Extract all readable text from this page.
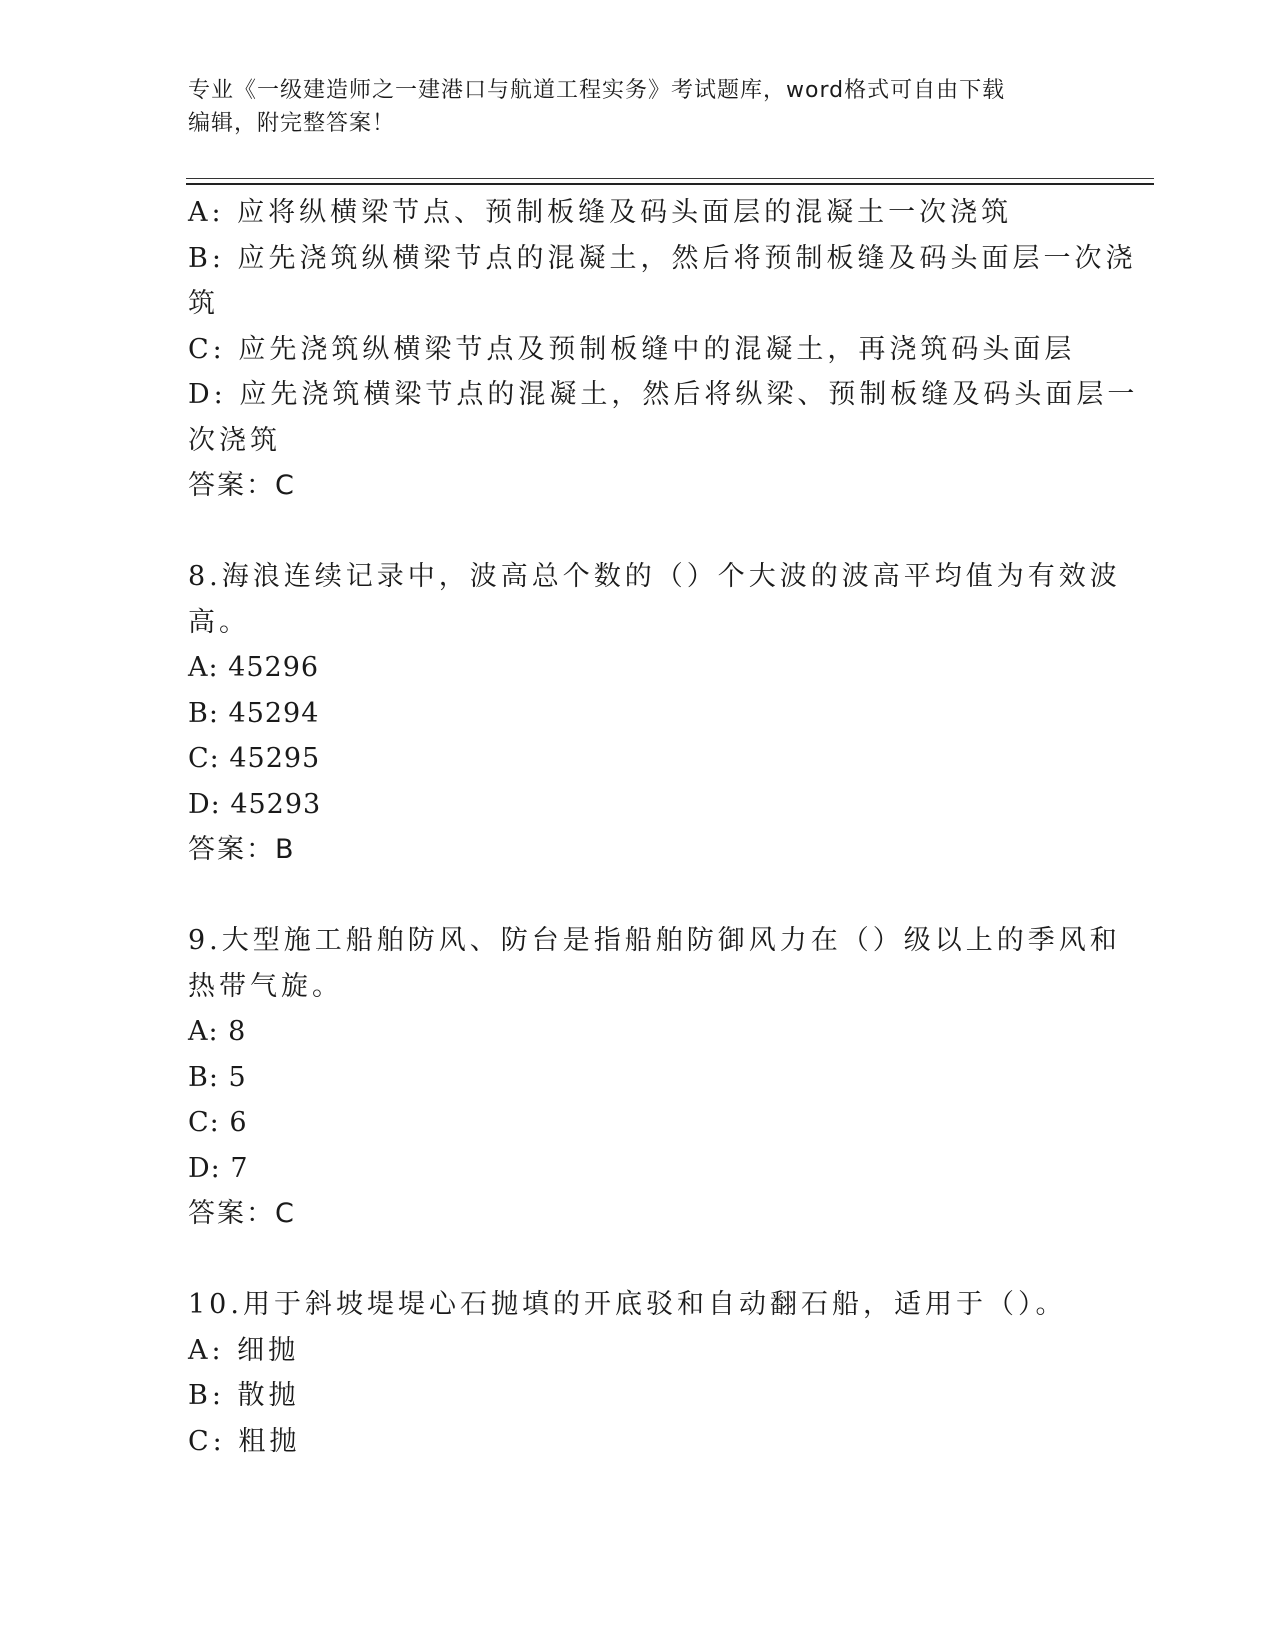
专业《一级建造师之一建港口与航道工程实务》考试题库，word格式可自由下载
编辑，附完整答案！
A: 应将纵横梁节点、预制板缝及码头面层的混凝土一次浇筑
B: 应先浇筑纵横梁节点的混凝土，然后将预制板缝及码头面层一次浇
筑
C: 应先浇筑纵横梁节点及预制板缝中的混凝土，再浇筑码头面层
D: 应先浇筑横梁节点的混凝土，然后将纵梁、预制板缝及码头面层一
次浇筑
答案：C
8.海浪连续记录中，波高总个数的（）个大波的波高平均值为有效波
高。
A: 45296
B: 45294
C: 45295
D: 45293
答案：B
9.大型施工船舶防风、防台是指船舶防御风力在（）级以上的季风和
热带气旋。
A: 8
B: 5
C: 6
D: 7
答案：C
10.用于斜坡堤堤心石抛填的开底驳和自动翻石船，适用于（）。
A: 细抛
B: 散抛
C: 粗抛
